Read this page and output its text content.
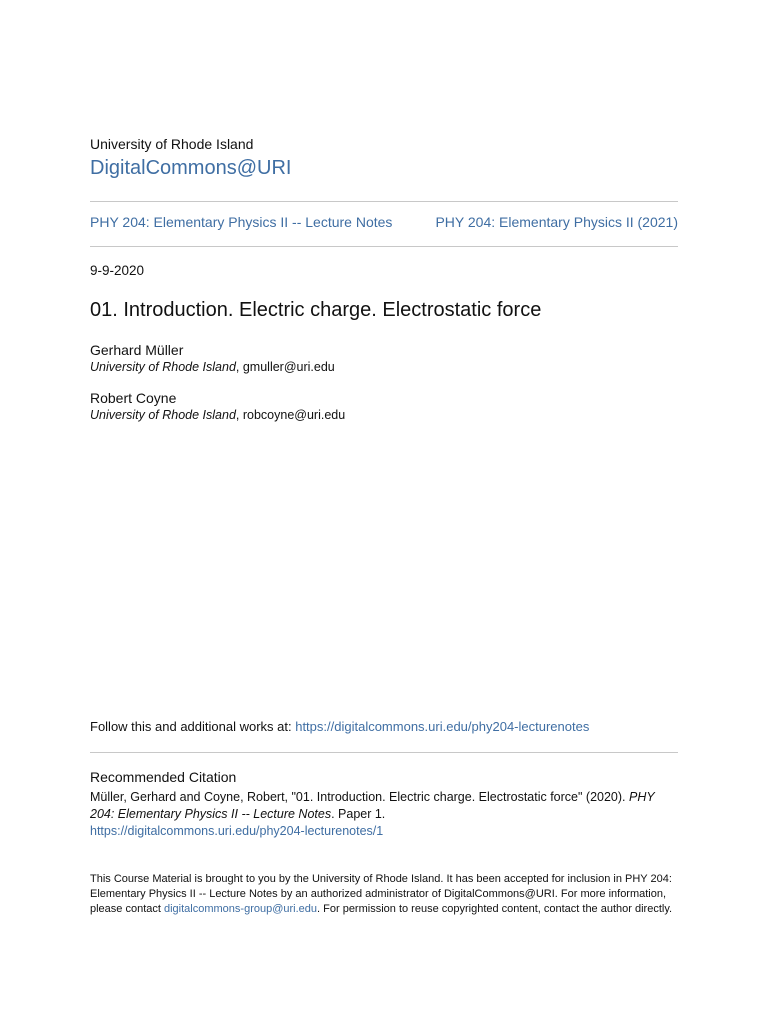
University of Rhode Island
DigitalCommons@URI
PHY 204: Elementary Physics II -- Lecture Notes	PHY 204: Elementary Physics II (2021)
9-9-2020
01. Introduction. Electric charge. Electrostatic force
Gerhard Müller
University of Rhode Island, gmuller@uri.edu
Robert Coyne
University of Rhode Island, robcoyne@uri.edu
Follow this and additional works at: https://digitalcommons.uri.edu/phy204-lecturenotes
Recommended Citation
Müller, Gerhard and Coyne, Robert, "01. Introduction. Electric charge. Electrostatic force" (2020). PHY 204: Elementary Physics II -- Lecture Notes. Paper 1.
https://digitalcommons.uri.edu/phy204-lecturenotes/1
This Course Material is brought to you by the University of Rhode Island. It has been accepted for inclusion in PHY 204: Elementary Physics II -- Lecture Notes by an authorized administrator of DigitalCommons@URI. For more information, please contact digitalcommons-group@uri.edu. For permission to reuse copyrighted content, contact the author directly.
